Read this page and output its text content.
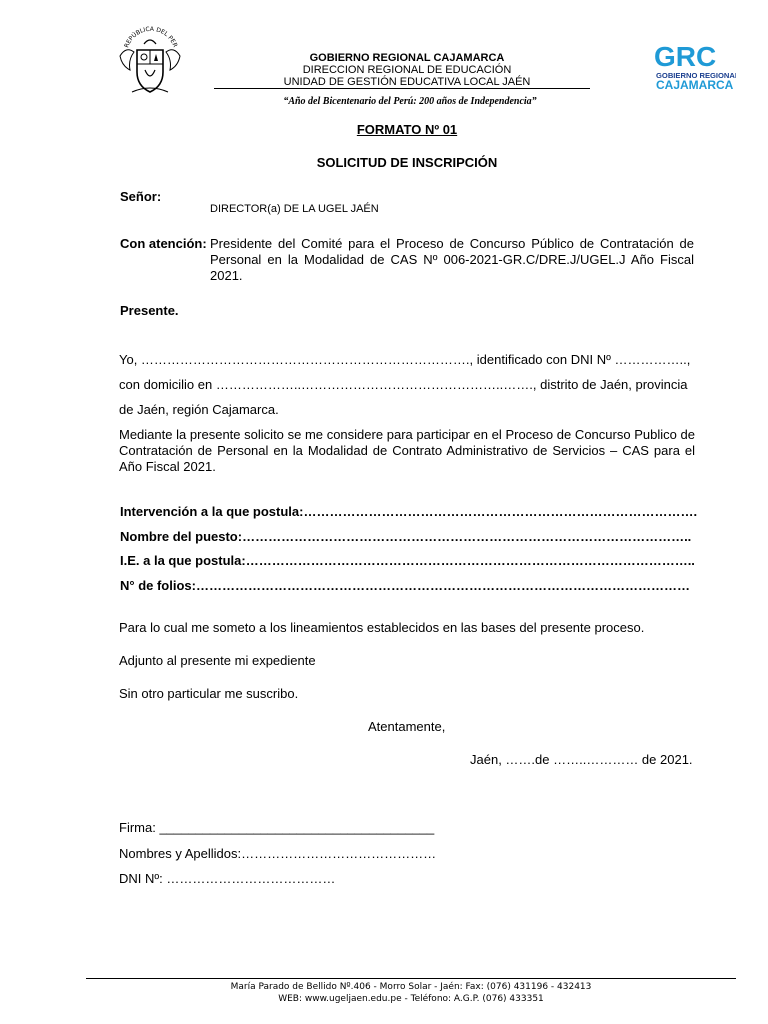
REPÚBLICA DEL PER
GOBIERNO REGIONAL CAJAMARCA
DIRECCION REGIONAL DE EDUCACIÓN
UNIDAD DE GESTIÓN EDUCATIVA LOCAL JAÉN
“Año del Bicentenario del Perú: 200 años de Independencia”
GRC
GOBIERNO REGIONAL
CAJAMARCA
FORMATO Nº 01
SOLICITUD DE INSCRIPCIÓN
Señor:
DIRECTOR(a) DE LA UGEL JAÉN
Con atención: Presidente del Comité para el Proceso de Concurso Público de Contratación de Personal en la Modalidad de CAS Nº 006-2021-GR.C/DRE.J/UGEL.J Año Fiscal 2021.
Presente.
Yo, …………………………………………………………………., identificado con DNI Nº ……………..,
con domicilio en ………………..………………………………………..……., distrito de Jaén, provincia
de Jaén, región Cajamarca.
Mediante la presente solicito se me considere para participar en el Proceso de Concurso Publico de Contratación de Personal en la Modalidad de Contrato Administrativo de Servicios – CAS para el Año Fiscal 2021.
Intervención a la que postula:……………………………………………………………………………….
Nombre del puesto:…………………………………………………………………………………………..
I.E. a la que postula:…………………………………………………………………………………………..
N° de folios:……………………………………………………………………………………………………
Para lo cual me someto a los lineamientos establecidos en las bases del presente proceso.
Adjunto al presente mi expediente
Sin otro particular me suscribo.
Atentamente,
Jaén, …….de ……..………… de 2021.
Firma: ______________________________________
Nombres y Apellidos:………………………………………
DNI Nº: …………………………………
María Parado de Bellido Nº.406 - Morro Solar - Jaén: Fax: (076) 431196 - 432413
WEB: www.ugeljaen.edu.pe - Teléfono: A.G.P. (076) 433351
